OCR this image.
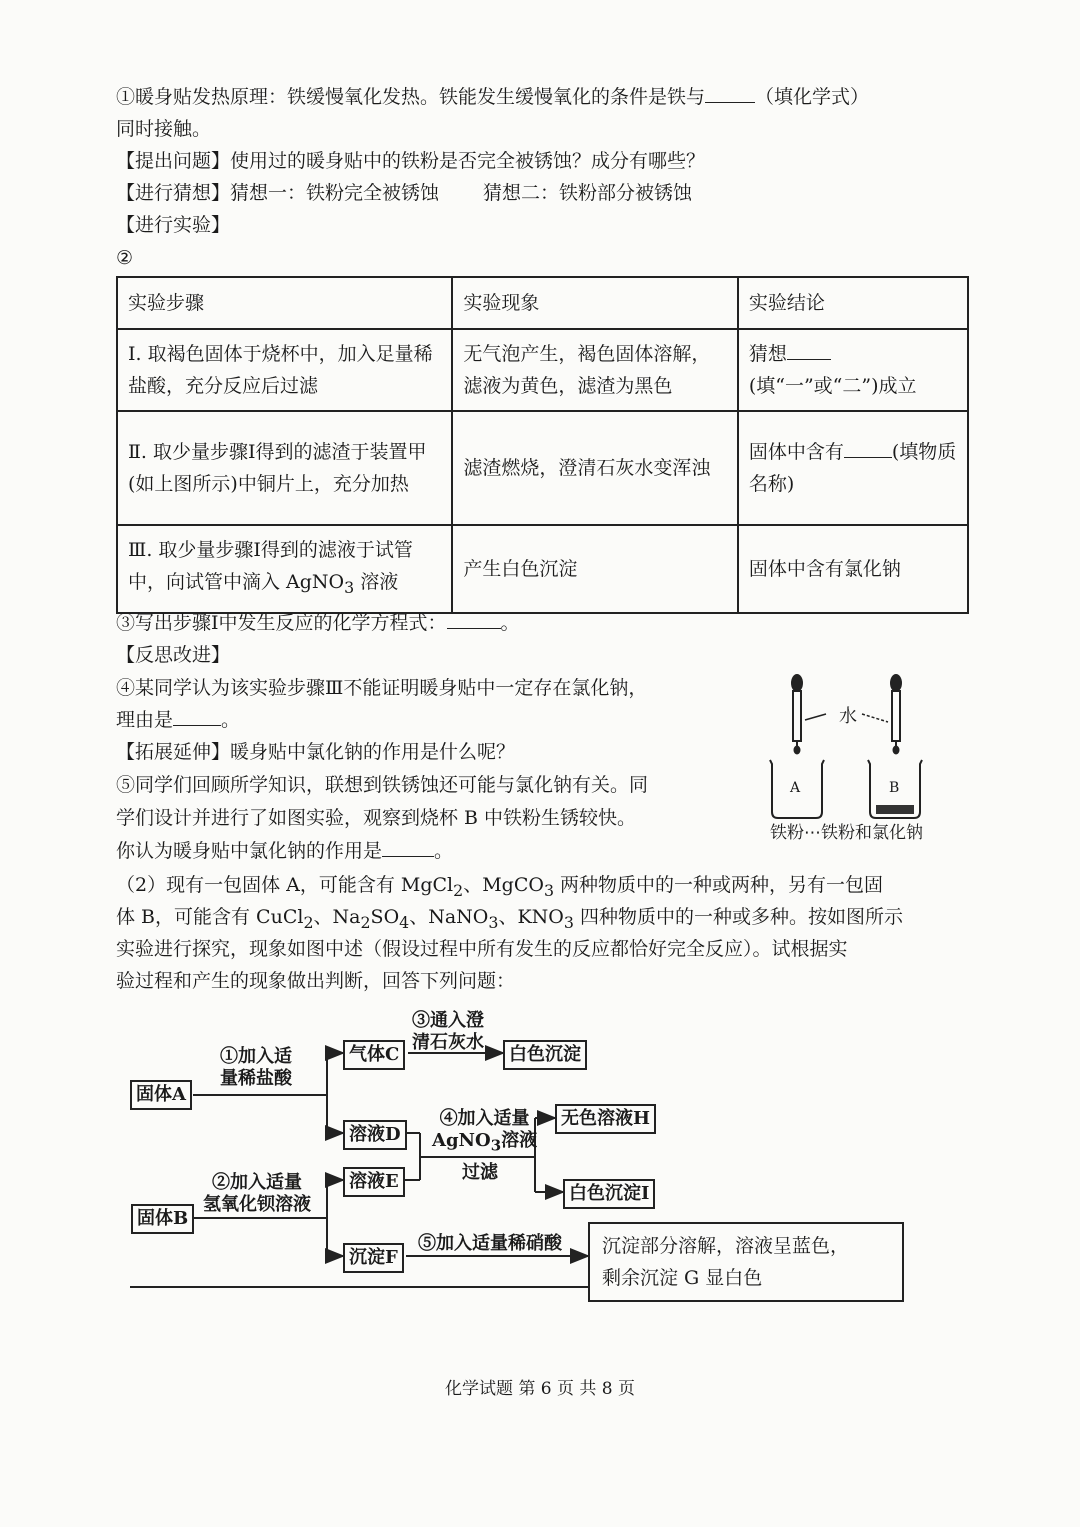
①暖身贴发热原理：铁缓慢氧化发热。铁能发生缓慢氧化的条件是铁与	（填化学式）
同时接触。
【提出问题】使用过的暖身贴中的铁粉是否完全被锈蚀？成分有哪些？
【进行猜想】猜想一：铁粉完全被锈蚀 猜想二：铁粉部分被锈蚀
【进行实验】
②
实验步骤	实验现象	实验结论
Ⅰ. 取褐色固体于烧杯中，加入足量稀盐酸，充分反应后过滤	无气泡产生，褐色固体溶解，滤液为黄色，滤渣为黑色	猜想(填“一”或“二”)成立
Ⅱ. 取少量步骤Ⅰ得到的滤渣于装置甲(如上图所示)中铜片上，充分加热	滤渣燃烧，澄清石灰水变浑浊	固体中含有 (填物质名称)
Ⅲ. 取少量步骤Ⅰ得到的滤液于试管中，向试管中滴入 AgNO$_3$ 溶液	产生白色沉淀	固体中含有氯化钠
③写出步骤Ⅰ中发生反应的化学方程式：	。
【反思改进】
④某同学认为该实验步骤Ⅲ不能证明暖身贴中一定存在氯化钠，
理由是	。
【拓展延伸】暖身贴中氯化钠的作用是什么呢？
⑤同学们回顾所学知识，联想到铁锈蚀还可能与氯化钠有关。同
学们设计并进行了如图实验，观察到烧杯 B 中铁粉生锈较快。
你认为暖身贴中氯化钠的作用是	。
水
A	B
铁粉⋯铁粉和氯化钠
（2）现有一包固体 A，可能含有 MgCl$_2$、MgCO$_3$ 两种物质中的一种或两种，另有一包固
体 B，可能含有 CuCl$_2$、$Na_2SO_4$、NaNO$_3$、$KNO_3$ 四种物质中的一种或多种。按如图所示
实验进行探究，现象如图中述（假设过程中所有发生的反应都恰好完全反应）。试根据实
验过程和产生的现象做出判断，回答下列问题：
①加入适
量稀盐酸
②加入适量
氢氧化钡溶液
③通入澄
清石灰水
④加入适量
AgNO$_3$溶液
过滤
⑤加入适量稀硝酸
固体A
固体B
气体C
溶液D
溶液E
沉淀F
白色沉淀
无色溶液H
白色沉淀I
沉淀部分溶解，溶液呈蓝色，
剩余沉淀 G 显白色
化学试题 第 6 页 共 8 页
